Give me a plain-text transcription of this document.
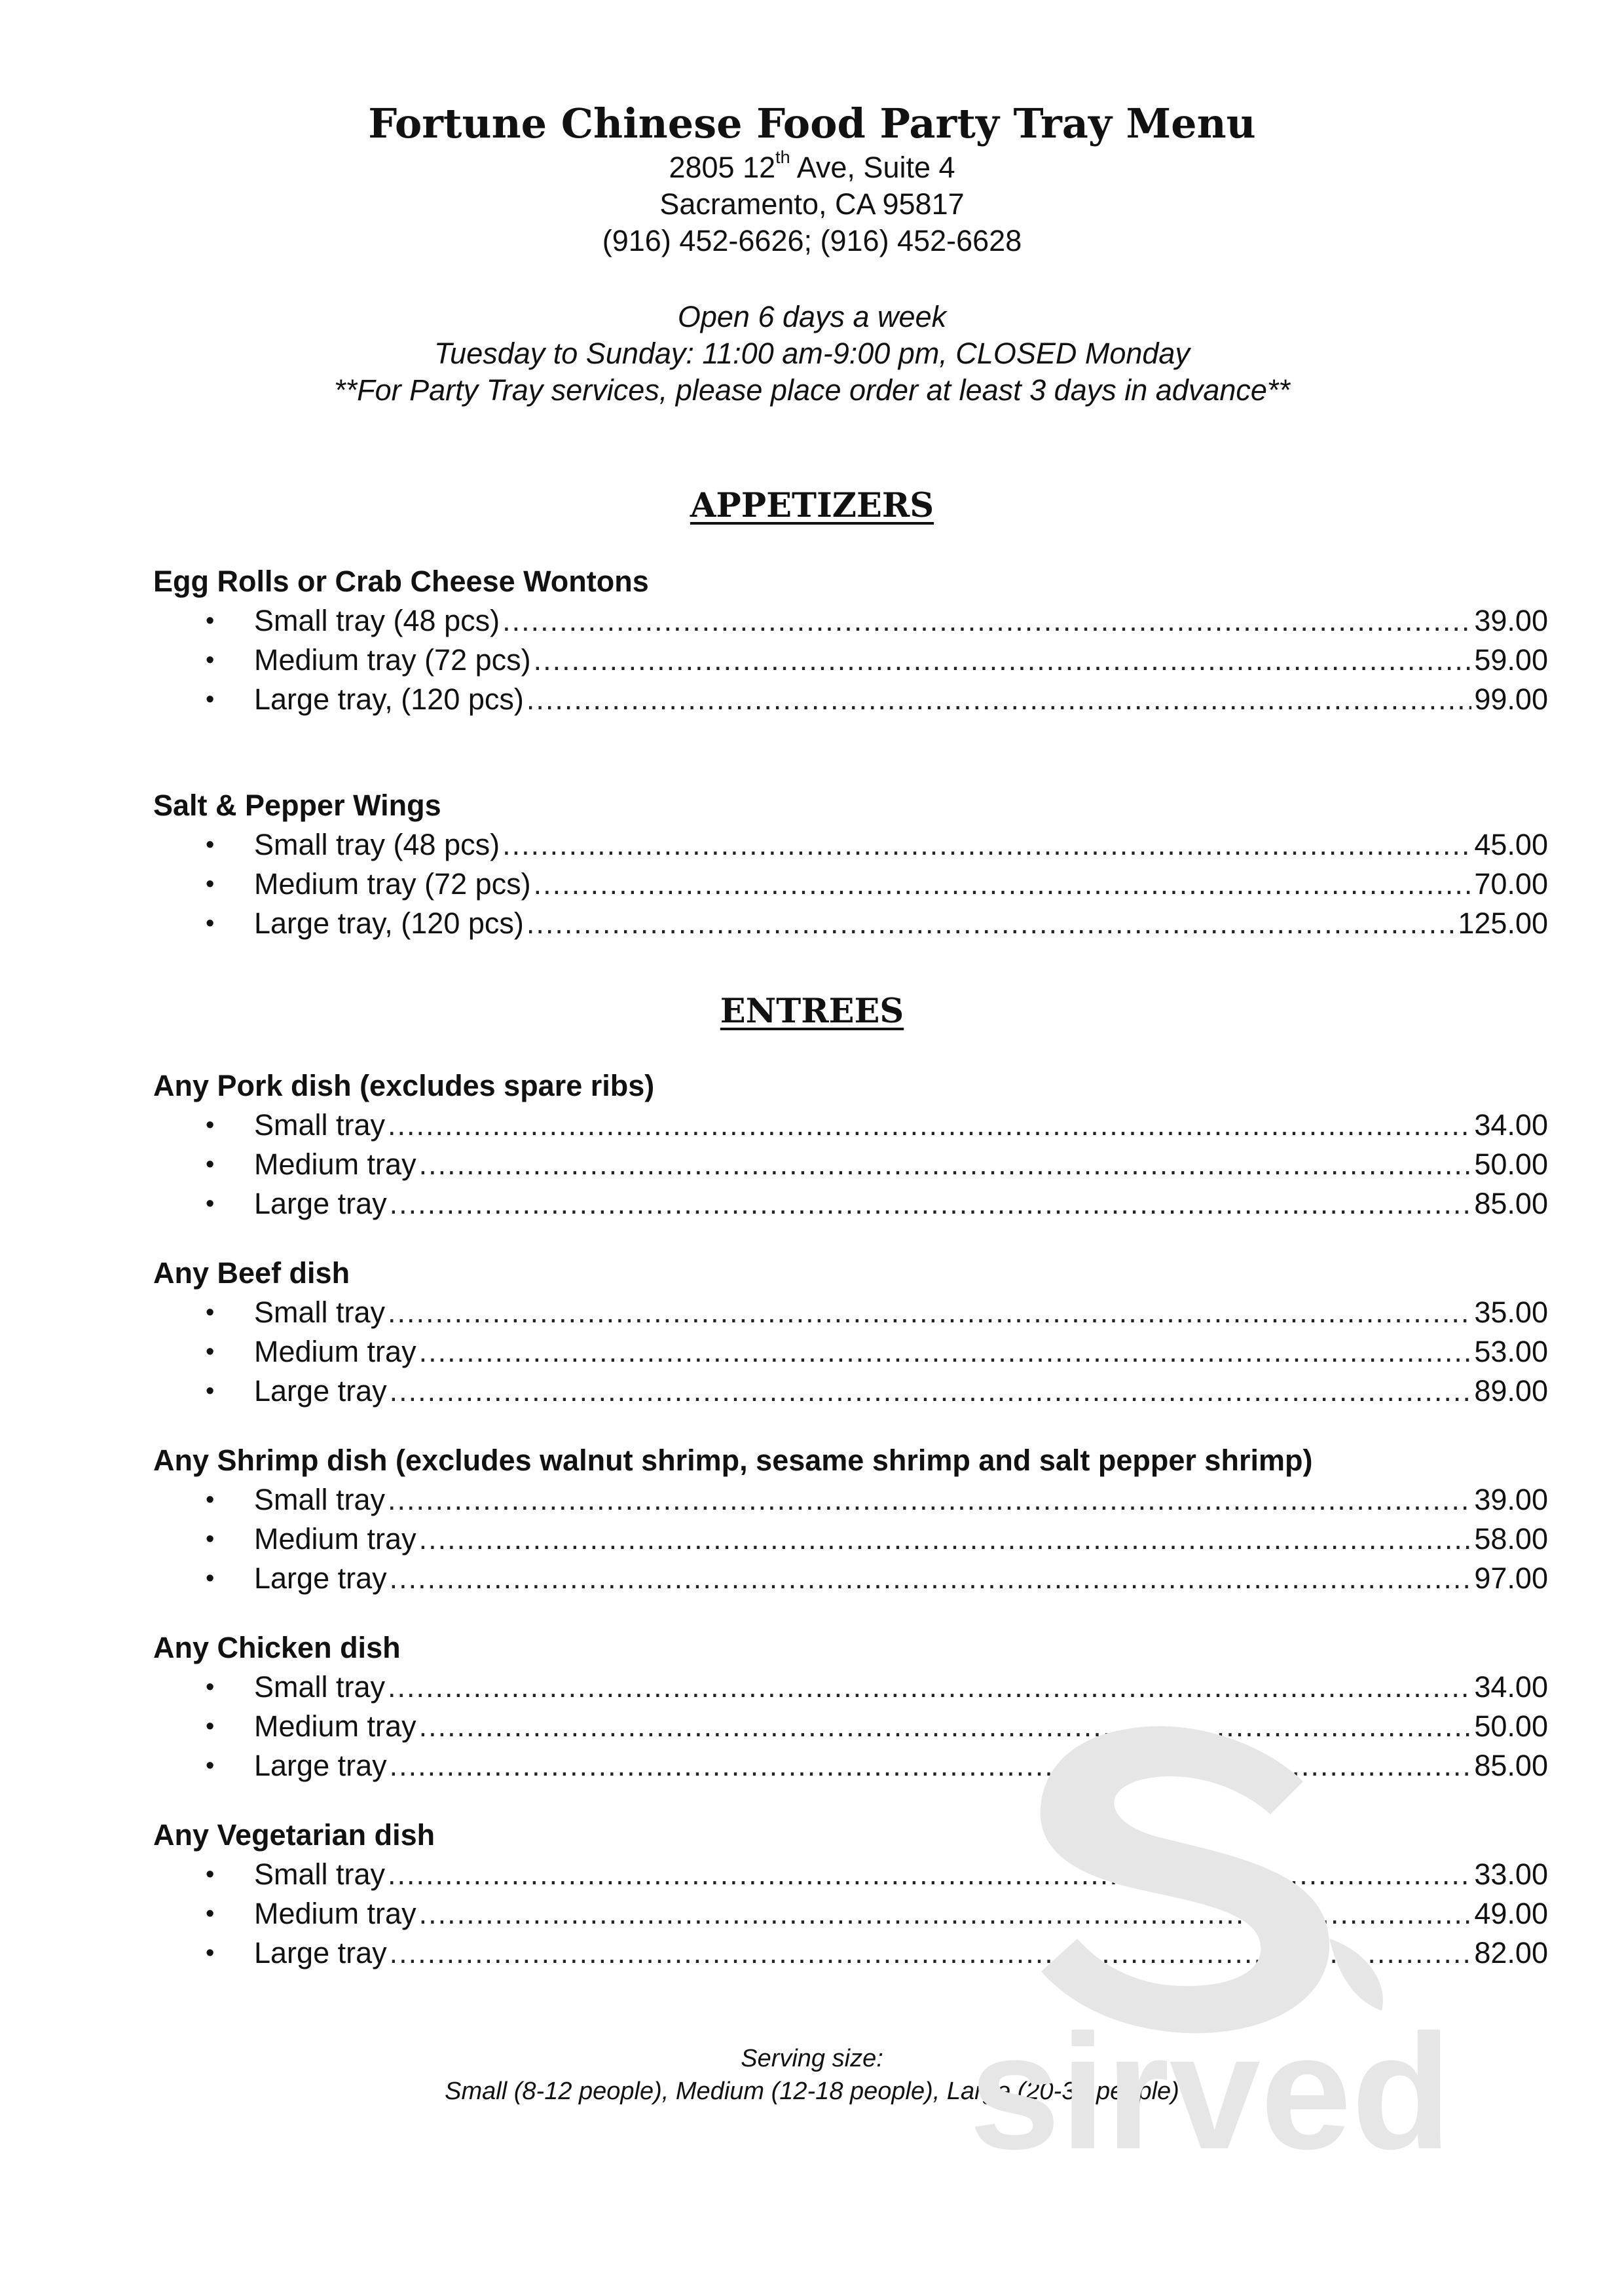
Fortune Chinese Food Party Tray Menu

2805 12th Ave, Suite 4

Sacramento, CA 95817

(916) 452-6626; (916) 452-6628

Open 6 days a week
Tuesday to Sunday: 11:00 am-9:00 pm, CLOSED Monday
**For Party Tray services, please place order at least 3 days in advance**
APPETIZERS

Egg Rolls or Crab Cheese Wontons

• Small tray (48 pcs) .....	39.00
• Medium tray (72 pcs) .....	59.00
• Large tray, (120 pcs) .....	99.00

Salt & Pepper Wings

• Small tray (48 pcs) .....	45.00
• Medium tray (72 pcs) .....	70.00
• Large tray, (120 pcs) .....	125.00
ENTREES

Any Pork dish (excludes spare ribs)

• Small tray .....	34.00
• Medium tray .....	50.00
• Large tray .....	85.00

Any Beef dish

• Small tray .....	35.00
• Medium tray .....	53.00
• Large tray .....	89.00

Any Shrimp dish (excludes walnut shrimp, sesame shrimp and salt pepper shrimp)

• Small tray .....	39.00
• Medium tray .....	58.00
• Large tray .....	97.00

Any Chicken dish

• Small tray .....	34.00
• Medium tray .....	50.00
• Large tray .....	85.00

Any Vegetarian dish

• Small tray .....	33.00
• Medium tray .....	49.00
• Large tray .....	82.00
Serving size:
Small (8-12 people), Medium (12-18 people), Large (20-30 people)
sirved
